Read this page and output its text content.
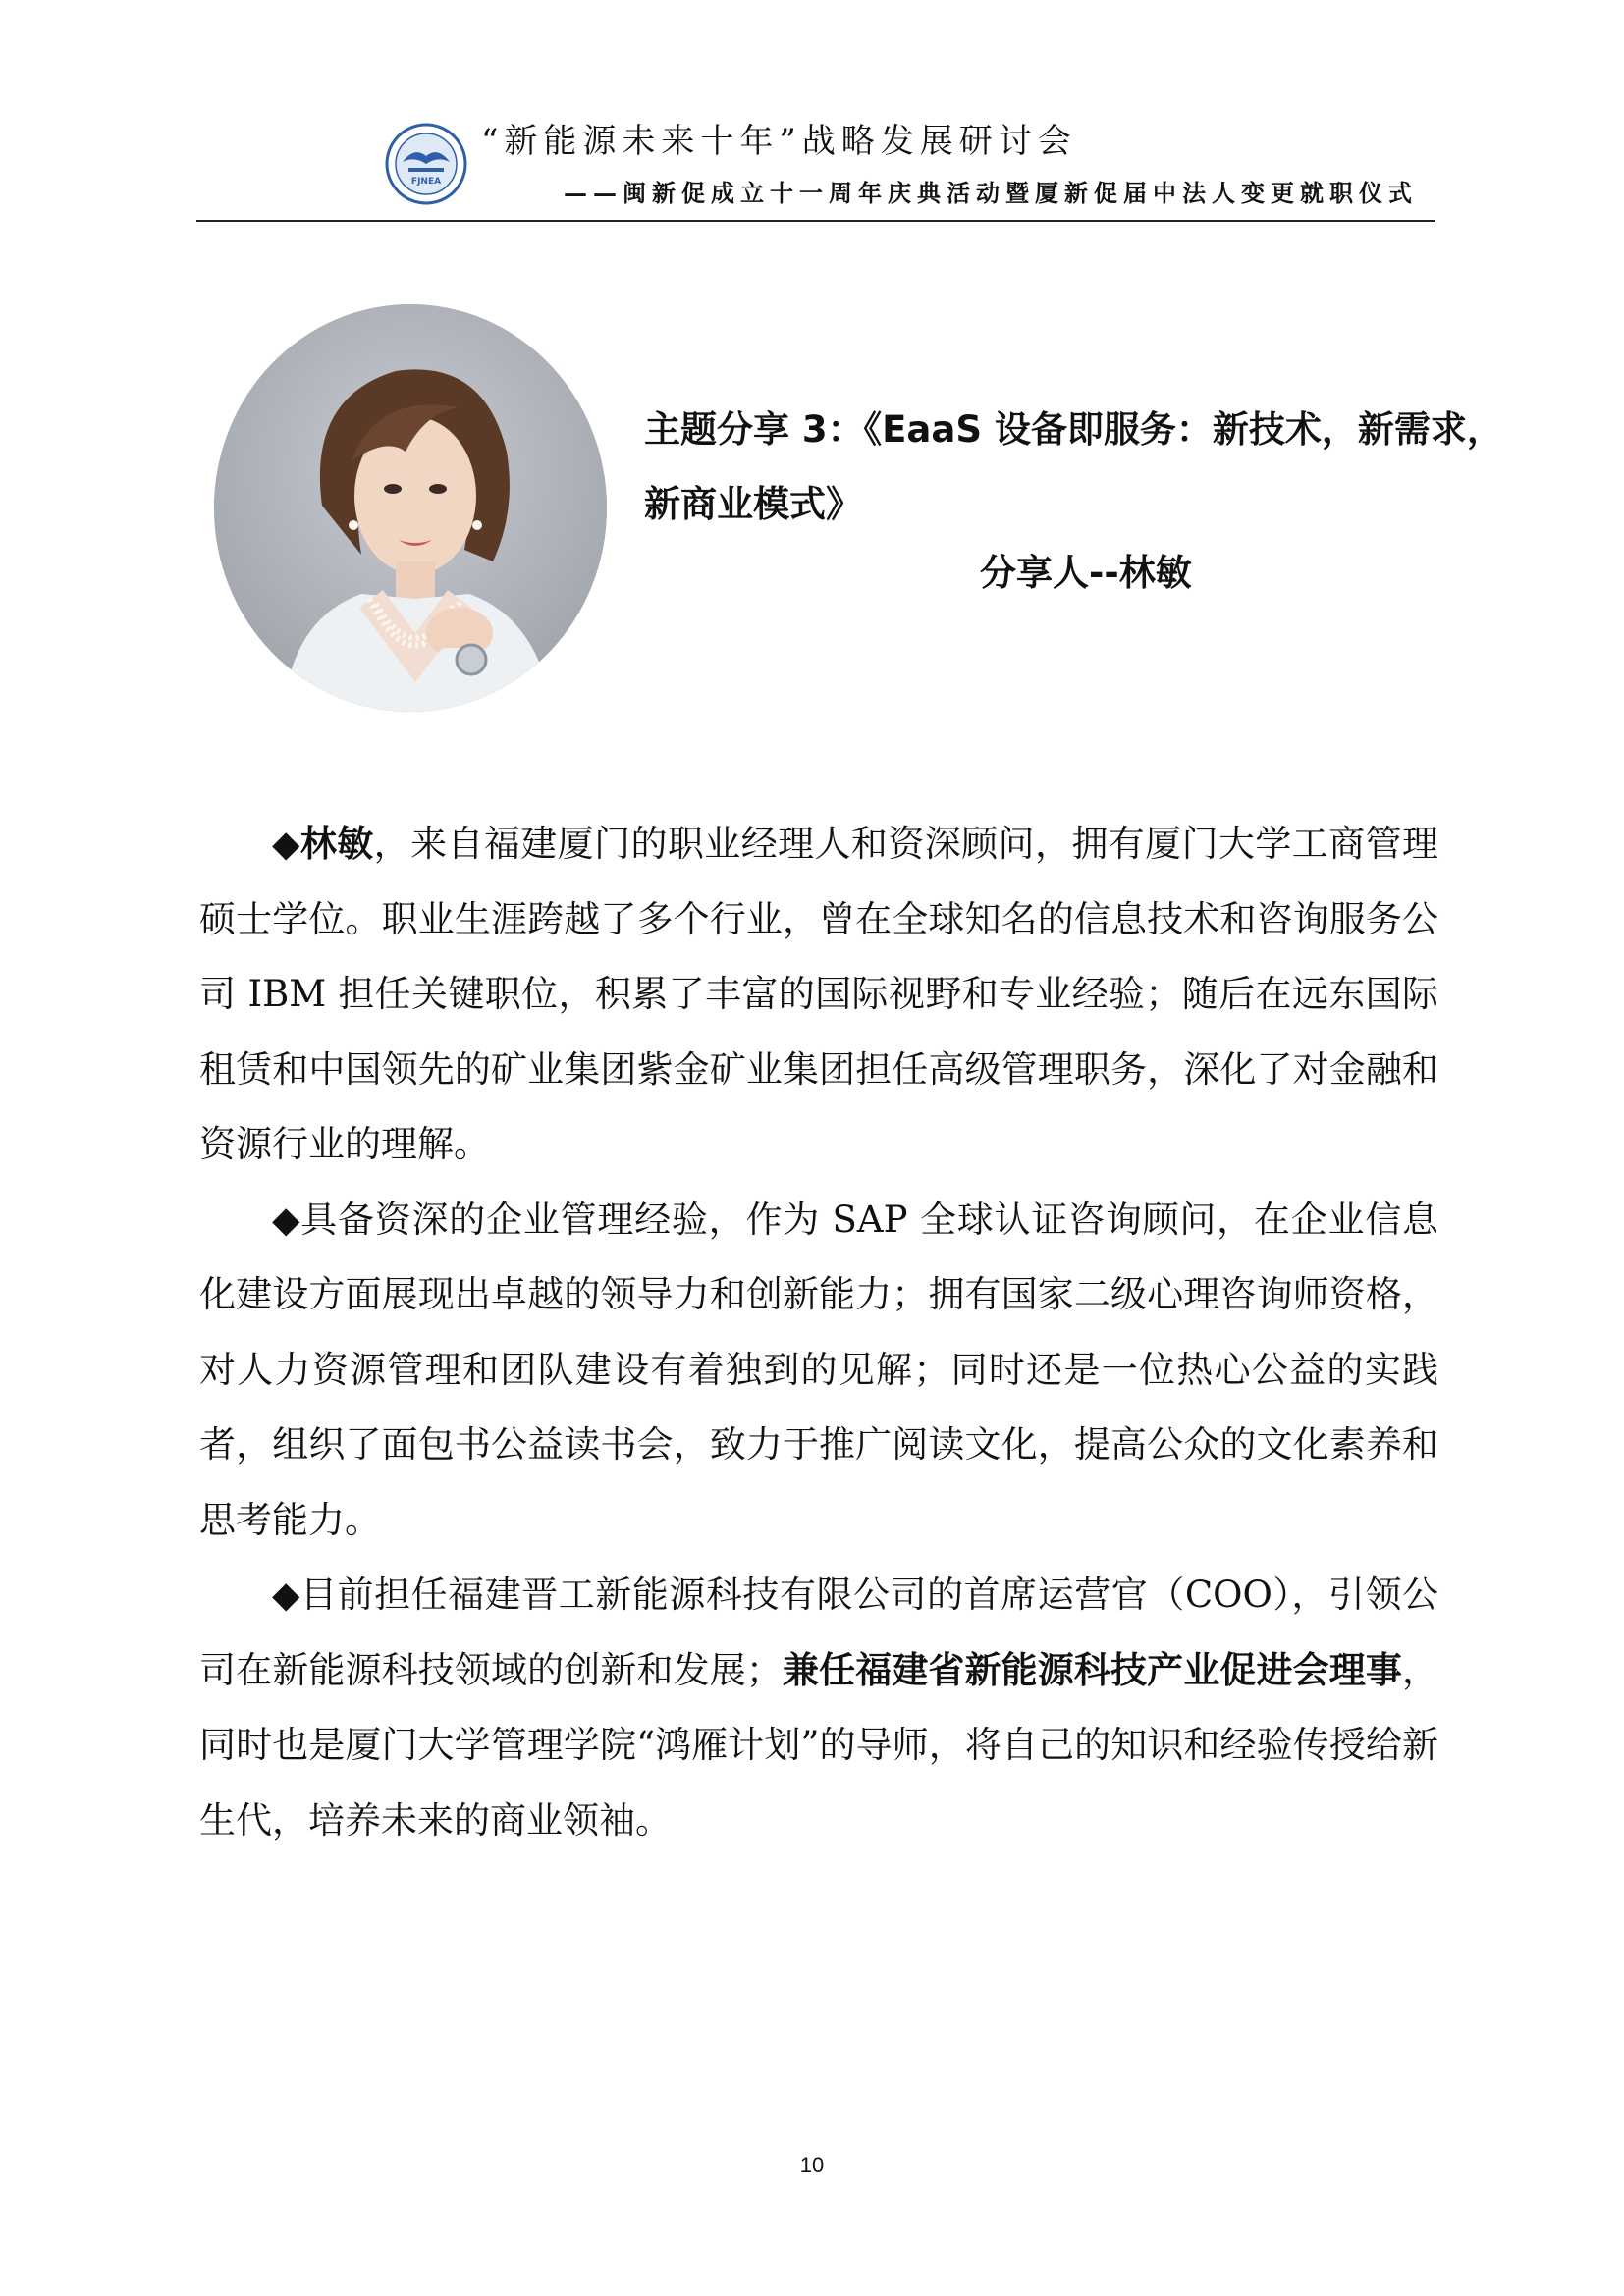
FJNEA
“新能源未来十年”战略发展研讨会
——闽新促成立十一周年庆典活动暨厦新促届中法人变更就职仪式
主题分享 3：《EaaS 设备即服务：新技术，新需求，
新商业模式》
分享人--林敏

◆林敏，来自福建厦门的职业经理人和资深顾问，拥有厦门大学工商管理硕士学位。职业生涯跨越了多个行业，曾在全球知名的信息技术和咨询服务公司 IBM 担任关键职位，积累了丰富的国际视野和专业经验；随后在远东国际租赁和中国领先的矿业集团紫金矿业集团担任高级管理职务，深化了对金融和资源行业的理解。

◆具备资深的企业管理经验，作为 SAP 全球认证咨询顾问，在企业信息化建设方面展现出卓越的领导力和创新能力；拥有国家二级心理咨询师资格，对人力资源管理和团队建设有着独到的见解；同时还是一位热心公益的实践者，组织了面包书公益读书会，致力于推广阅读文化，提高公众的文化素养和思考能力。

◆目前担任福建晋工新能源科技有限公司的首席运营官（COO），引领公司在新能源科技领域的创新和发展；兼任福建省新能源科技产业促进会理事，同时也是厦门大学管理学院“鸿雁计划”的导师，将自己的知识和经验传授给新生代，培养未来的商业领袖。

10
